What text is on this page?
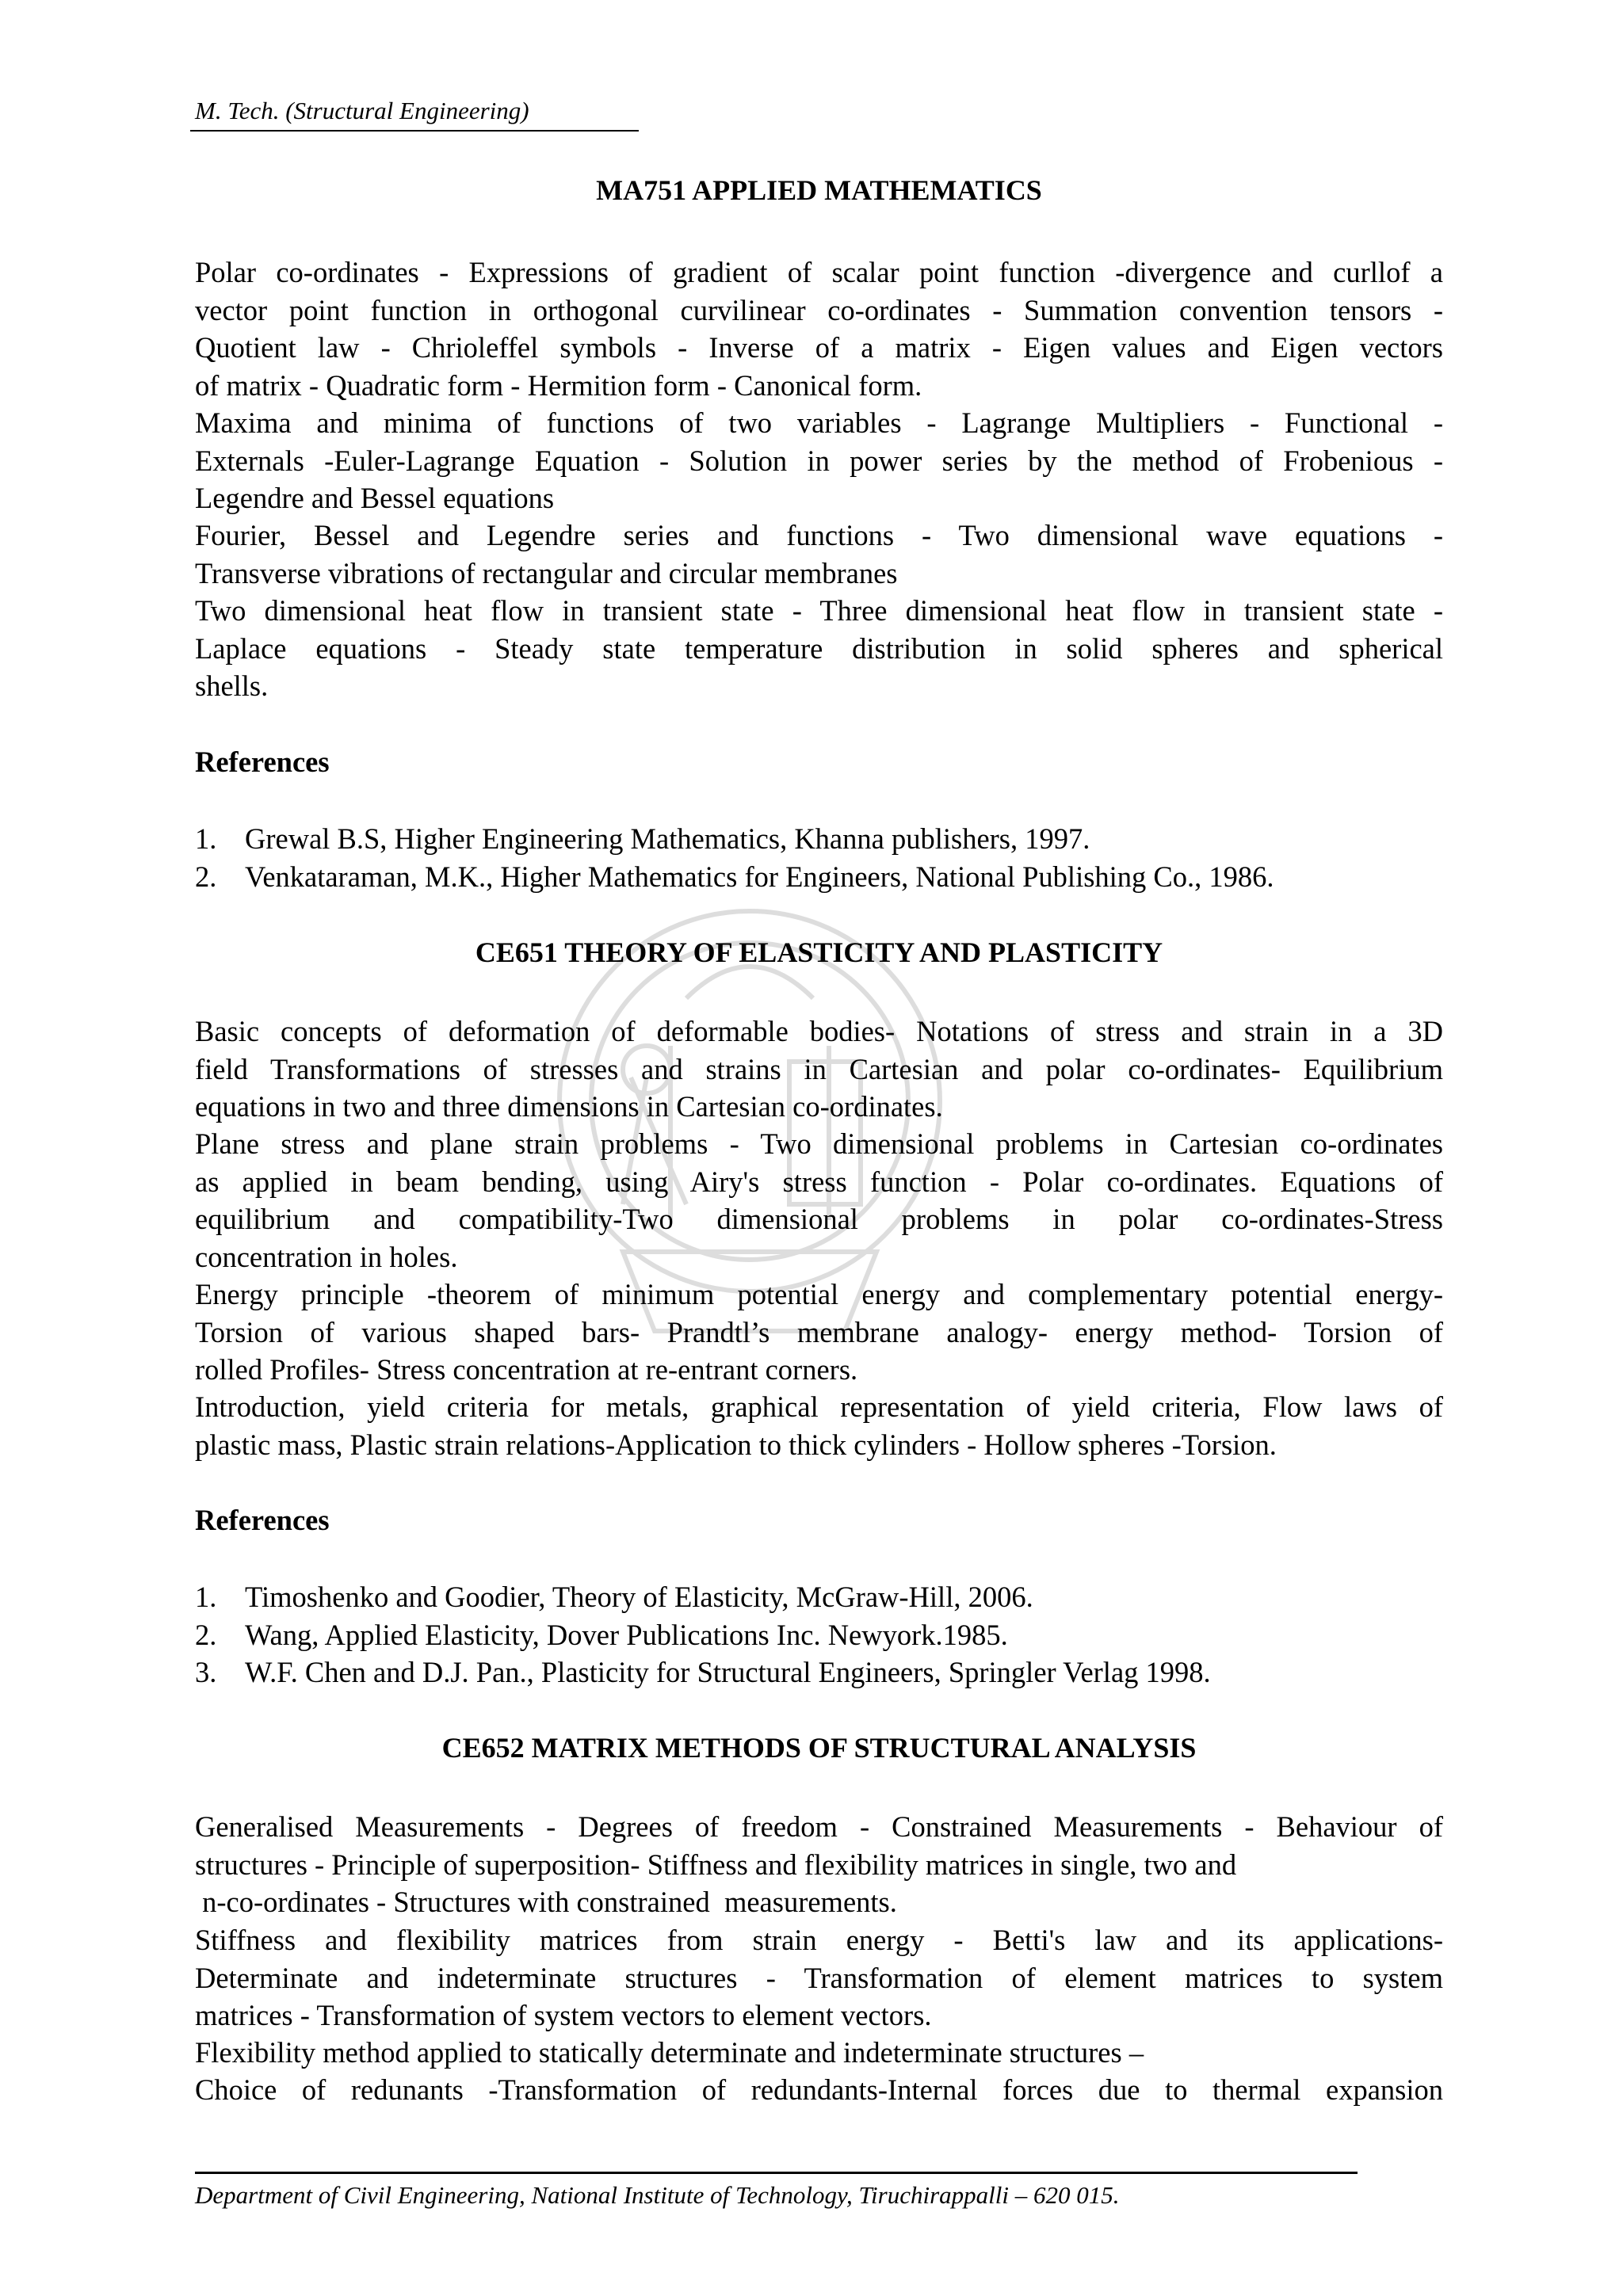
M. Tech. (Structural Engineering)
MA751 APPLIED MATHEMATICS
Polar co-ordinates - Expressions of gradient of scalar point function -divergence and curllof a
vector point function in orthogonal curvilinear co-ordinates - Summation convention tensors -
Quotient law - Chrioleffel symbols - Inverse of a matrix - Eigen values and Eigen vectors
of matrix - Quadratic form - Hermition form - Canonical form.
Maxima and minima of functions of two variables - Lagrange Multipliers - Functional -
Externals -Euler-Lagrange Equation - Solution in power series by the method of Frobenious -
Legendre and Bessel equations
Fourier, Bessel and Legendre series and functions - Two dimensional wave equations -
Transverse vibrations of rectangular and circular membranes
Two dimensional heat flow in transient state - Three dimensional heat flow in transient state -
Laplace equations - Steady state temperature distribution in solid spheres and spherical
shells.
References
1. Grewal B.S, Higher Engineering Mathematics, Khanna publishers, 1997.
2. Venkataraman, M.K., Higher Mathematics for Engineers, National Publishing Co., 1986.
CE651 THEORY OF ELASTICITY AND PLASTICITY
Basic concepts of deformation of deformable bodies- Notations of stress and strain in a 3D
field Transformations of stresses and strains in Cartesian and polar co-ordinates- Equilibrium
equations in two and three dimensions in Cartesian co-ordinates.
Plane stress and plane strain problems - Two dimensional problems in Cartesian co-ordinates
as applied in beam bending, using Airy's stress function - Polar co-ordinates. Equations of
equilibrium and compatibility-Two dimensional problems in polar co-ordinates-Stress
concentration in holes.
Energy principle -theorem of minimum potential energy and complementary potential energy-
Torsion of various shaped bars- Prandtl’s membrane analogy- energy method- Torsion of
rolled Profiles- Stress concentration at re-entrant corners.
Introduction, yield criteria for metals, graphical representation of yield criteria, Flow laws of
plastic mass, Plastic strain relations-Application to thick cylinders - Hollow spheres -Torsion.
References
1. Timoshenko and Goodier, Theory of Elasticity, McGraw-Hill, 2006.
2. Wang, Applied Elasticity, Dover Publications Inc. Newyork.1985.
3. W.F. Chen and D.J. Pan., Plasticity for Structural Engineers, Springler Verlag 1998.
CE652 MATRIX METHODS OF STRUCTURAL ANALYSIS
Generalised Measurements - Degrees of freedom - Constrained Measurements - Behaviour of
structures - Principle of superposition- Stiffness and flexibility matrices in single, two and
n-co-ordinates - Structures with constrained  measurements.
Stiffness and flexibility matrices from strain energy - Betti's law and its applications-
Determinate and indeterminate structures - Transformation of element matrices to system
matrices - Transformation of system vectors to element vectors.
Flexibility method applied to statically determinate and indeterminate structures –
Choice of redunants -Transformation of redundants-Internal forces due to thermal expansion
Department of Civil Engineering, National Institute of Technology, Tiruchirappalli – 620 015.
